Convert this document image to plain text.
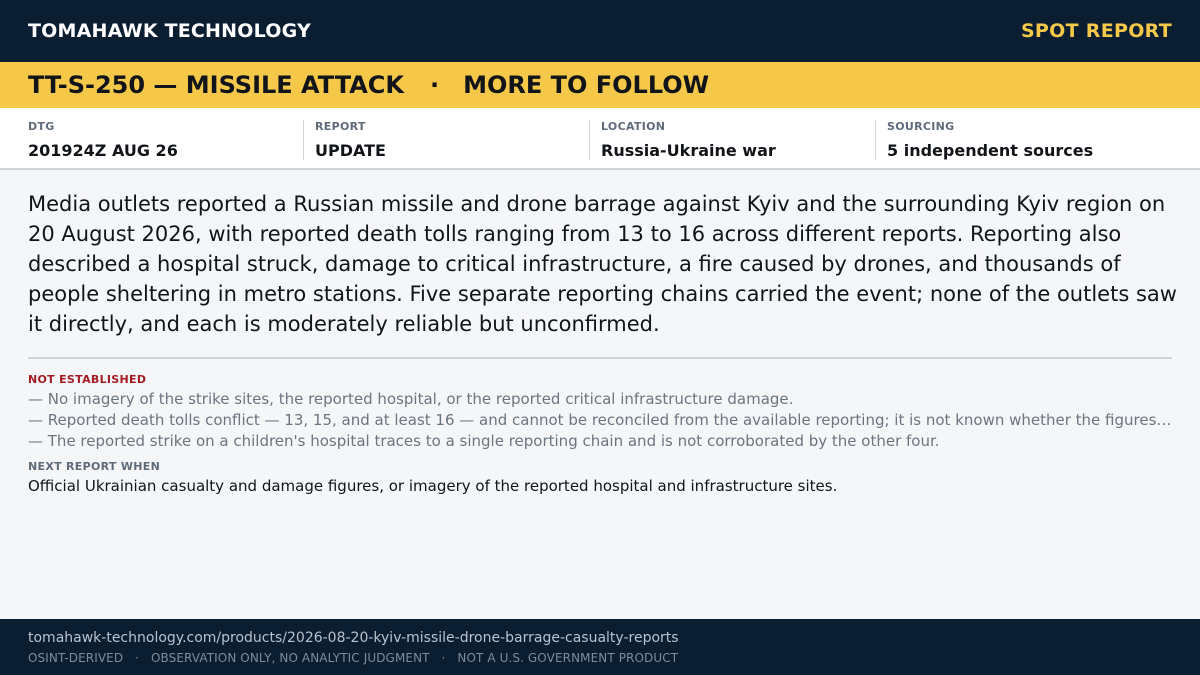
TOMAHAWK TECHNOLOGY	SPOT REPORT
TT-S-250 — MISSILE ATTACK · MORE TO FOLLOW
DTG
201924Z AUG 26
REPORT
UPDATE
LOCATION
Russia-Ukraine war
SOURCING
5 independent sources

Media outlets reported a Russian missile and drone barrage against Kyiv and the surrounding Kyiv region on 20 August 2026, with reported death tolls ranging from 13 to 16 across different reports. Reporting also described a hospital struck, damage to critical infrastructure, a fire caused by drones, and thousands of people sheltering in metro stations. Five separate reporting chains carried the event; none of the outlets saw it directly, and each is moderately reliable but unconfirmed.

NOT ESTABLISHED
— No imagery of the strike sites, the reported hospital, or the reported critical infrastructure damage.
— Reported death tolls conflict — 13, 15, and at least 16 — and cannot be reconciled from the available reporting; it is not known whether the figures…
— The reported strike on a children's hospital traces to a single reporting chain and is not corroborated by the other four.
NEXT REPORT WHEN
Official Ukrainian casualty and damage figures, or imagery of the reported hospital and infrastructure sites.
tomahawk-technology.com/products/2026-08-20-kyiv-missile-drone-barrage-casualty-reports
OSINT-DERIVED · OBSERVATION ONLY, NO ANALYTIC JUDGMENT · NOT A U.S. GOVERNMENT PRODUCT
